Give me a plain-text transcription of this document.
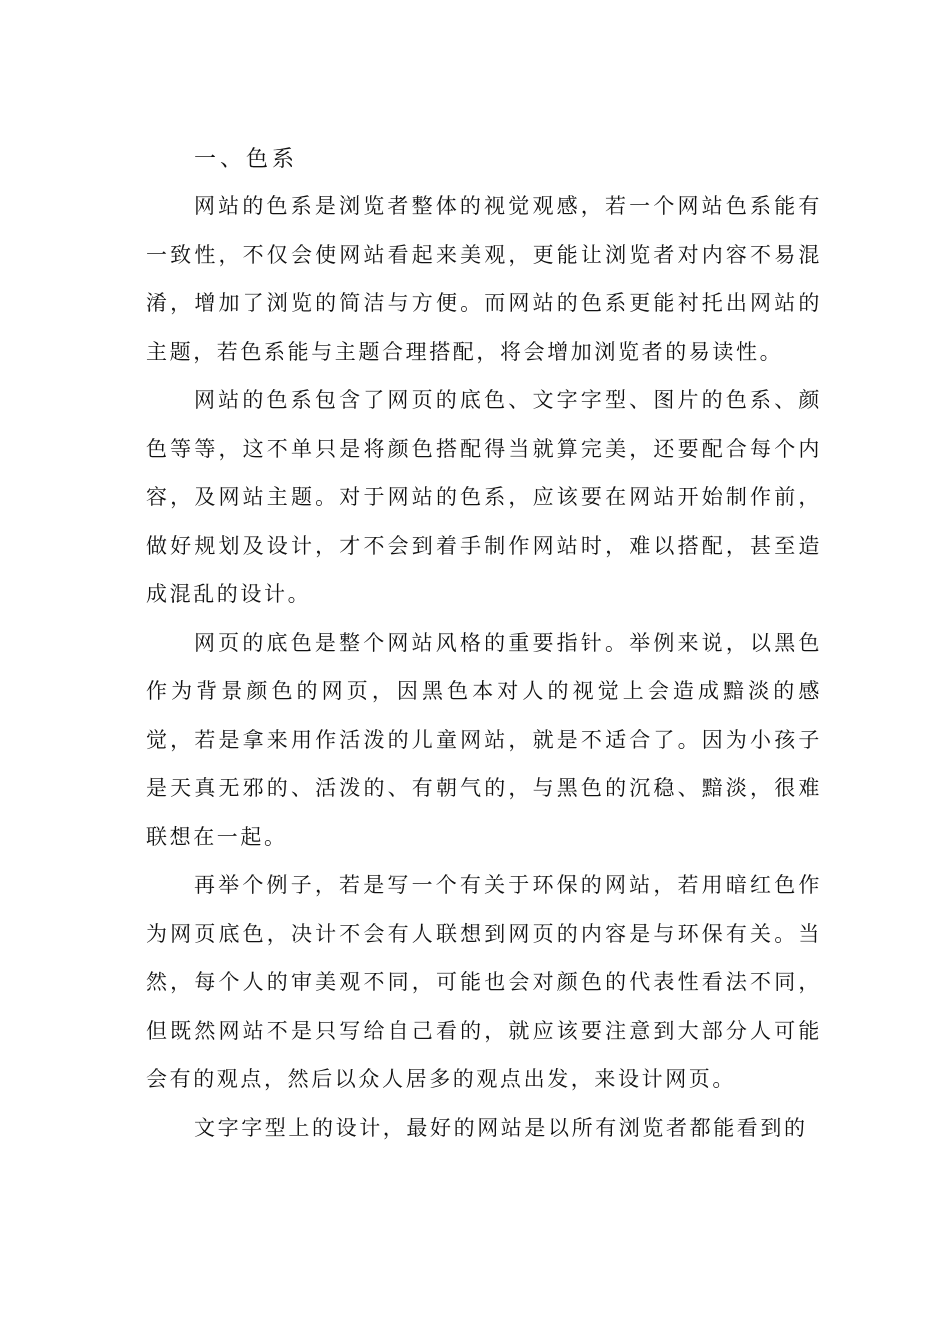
一、色系

网站的色系是浏览者整体的视觉观感，若一个网站色系能有一致性，不仅会使网站看起来美观，更能让浏览者对内容不易混淆，增加了浏览的简洁与方便。而网站的色系更能衬托出网站的主题，若色系能与主题合理搭配，将会增加浏览者的易读性。

网站的色系包含了网页的底色、文字字型、图片的色系、颜色等等，这不单只是将颜色搭配得当就算完美，还要配合每个内容，及网站主题。对于网站的色系，应该要在网站开始制作前，做好规划及设计，才不会到着手制作网站时，难以搭配，甚至造成混乱的设计。

网页的底色是整个网站风格的重要指针。举例来说，以黑色作为背景颜色的网页，因黑色本对人的视觉上会造成黯淡的感觉，若是拿来用作活泼的儿童网站，就是不适合了。因为小孩子是天真无邪的、活泼的、有朝气的，与黑色的沉稳、黯淡，很难联想在一起。

再举个例子，若是写一个有关于环保的网站，若用暗红色作为网页底色，决计不会有人联想到网页的内容是与环保有关。当然，每个人的审美观不同，可能也会对颜色的代表性看法不同，但既然网站不是只写给自己看的，就应该要注意到大部分人可能会有的观点，然后以众人居多的观点出发，来设计网页。

文字字型上的设计，最好的网站是以所有浏览者都能看到的
